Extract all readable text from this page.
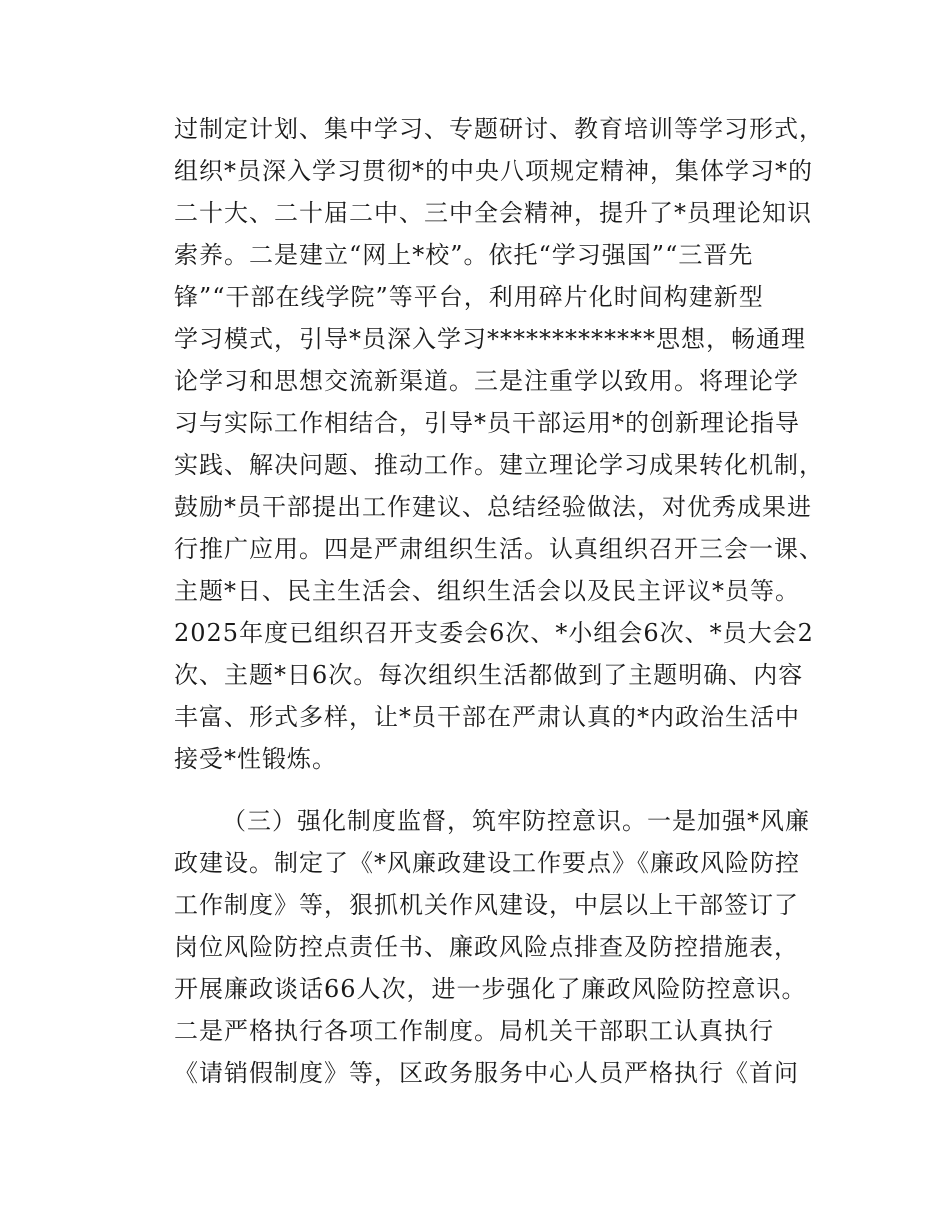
过制定计划、集中学习、专题研讨、教育培训等学习形式，
组织*员深入学习贯彻*的中央八项规定精神，集体学习*的
二十大、二十届二中、三中全会精神，提升了*员理论知识
索养。二是建立“网上*校”。依托“学习强国”“三晋先
锋”“干部在线学院”等平台，利用碎片化时间构建新型
学习模式，引导*员深入学习*************思想，畅通理
论学习和思想交流新渠道。三是注重学以致用。将理论学
习与实际工作相结合，引导*员干部运用*的创新理论指导
实践、解决问题、推动工作。建立理论学习成果转化机制，
鼓励*员干部提出工作建议、总结经验做法，对优秀成果进
行推广应用。四是严肃组织生活。认真组织召开三会一课、
主题*日、民主生活会、组织生活会以及民主评议*员等。
2025年度已组织召开支委会6次、*小组会6次、*员大会2
次、主题*日6次。每次组织生活都做到了主题明确、内容
丰富、形式多样，让*员干部在严肃认真的*内政治生活中
接受*性锻炼。
（三）强化制度监督，筑牢防控意识。一是加强*风廉
政建设。制定了《*风廉政建设工作要点》《廉政风险防控
工作制度》等，狠抓机关作风建设，中层以上干部签订了
岗位风险防控点责任书、廉政风险点排查及防控措施表，
开展廉政谈话66人次，进一步强化了廉政风险防控意识。
二是严格执行各项工作制度。局机关干部职工认真执行
《请销假制度》等，区政务服务中心人员严格执行《首问
